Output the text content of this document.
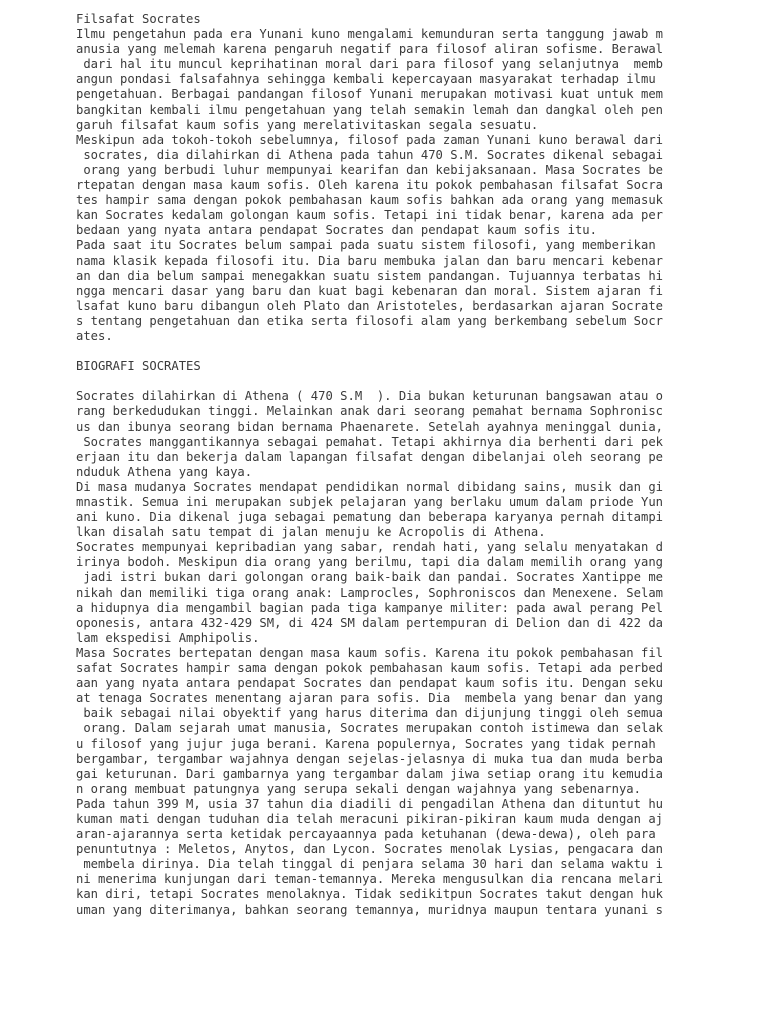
Filsafat Socrates
Ilmu pengetahun pada era Yunani kuno mengalami kemunduran serta tanggung jawab m
anusia yang melemah karena pengaruh negatif para filosof aliran sofisme. Berawal
dari hal itu muncul keprihatinan moral dari para filosof yang selanjutnya  memb
angun pondasi falsafahnya sehingga kembali kepercayaan masyarakat terhadap ilmu
pengetahuan. Berbagai pandangan filosof Yunani merupakan motivasi kuat untuk mem
bangkitan kembali ilmu pengetahuan yang telah semakin lemah dan dangkal oleh pen
garuh filsafat kaum sofis yang merelativitaskan segala sesuatu.
Meskipun ada tokoh-tokoh sebelumnya, filosof pada zaman Yunani kuno berawal dari
socrates, dia dilahirkan di Athena pada tahun 470 S.M. Socrates dikenal sebagai
orang yang berbudi luhur mempunyai kearifan dan kebijaksanaan. Masa Socrates be
rtepatan dengan masa kaum sofis. Oleh karena itu pokok pembahasan filsafat Socra
tes hampir sama dengan pokok pembahasan kaum sofis bahkan ada orang yang memasuk
kan Socrates kedalam golongan kaum sofis. Tetapi ini tidak benar, karena ada per
bedaan yang nyata antara pendapat Socrates dan pendapat kaum sofis itu.
Pada saat itu Socrates belum sampai pada suatu sistem filosofi, yang memberikan
nama klasik kepada filosofi itu. Dia baru membuka jalan dan baru mencari kebenar
an dan dia belum sampai menegakkan suatu sistem pandangan. Tujuannya terbatas hi
ngga mencari dasar yang baru dan kuat bagi kebenaran dan moral. Sistem ajaran fi
lsafat kuno baru dibangun oleh Plato dan Aristoteles, berdasarkan ajaran Socrate
s tentang pengetahuan dan etika serta filosofi alam yang berkembang sebelum Socr
ates.
BIOGRAFI SOCRATES
Socrates dilahirkan di Athena ( 470 S.M  ). Dia bukan keturunan bangsawan atau o
rang berkedudukan tinggi. Melainkan anak dari seorang pemahat bernama Sophronisc
us dan ibunya seorang bidan bernama Phaenarete. Setelah ayahnya meninggal dunia,
Socrates manggantikannya sebagai pemahat. Tetapi akhirnya dia berhenti dari pek
erjaan itu dan bekerja dalam lapangan filsafat dengan dibelanjai oleh seorang pe
nduduk Athena yang kaya.
Di masa mudanya Socrates mendapat pendidikan normal dibidang sains, musik dan gi
mnastik. Semua ini merupakan subjek pelajaran yang berlaku umum dalam priode Yun
ani kuno. Dia dikenal juga sebagai pematung dan beberapa karyanya pernah ditampi
lkan disalah satu tempat di jalan menuju ke Acropolis di Athena.
Socrates mempunyai kepribadian yang sabar, rendah hati, yang selalu menyatakan d
irinya bodoh. Meskipun dia orang yang berilmu, tapi dia dalam memilih orang yang
jadi istri bukan dari golongan orang baik-baik dan pandai. Socrates Xantippe me
nikah dan memiliki tiga orang anak: Lamprocles, Sophroniscos dan Menexene. Selam
a hidupnya dia mengambil bagian pada tiga kampanye militer: pada awal perang Pel
oponesis, antara 432-429 SM, di 424 SM dalam pertempuran di Delion dan di 422 da
lam ekspedisi Amphipolis.
Masa Socrates bertepatan dengan masa kaum sofis. Karena itu pokok pembahasan fil
safat Socrates hampir sama dengan pokok pembahasan kaum sofis. Tetapi ada perbed
aan yang nyata antara pendapat Socrates dan pendapat kaum sofis itu. Dengan seku
at tenaga Socrates menentang ajaran para sofis. Dia  membela yang benar dan yang
baik sebagai nilai obyektif yang harus diterima dan dijunjung tinggi oleh semua
orang. Dalam sejarah umat manusia, Socrates merupakan contoh istimewa dan selak
u filosof yang jujur juga berani. Karena populernya, Socrates yang tidak pernah
bergambar, tergambar wajahnya dengan sejelas-jelasnya di muka tua dan muda berba
gai keturunan. Dari gambarnya yang tergambar dalam jiwa setiap orang itu kemudia
n orang membuat patungnya yang serupa sekali dengan wajahnya yang sebenarnya.
Pada tahun 399 M, usia 37 tahun dia diadili di pengadilan Athena dan dituntut hu
kuman mati dengan tuduhan dia telah meracuni pikiran-pikiran kaum muda dengan aj
aran-ajarannya serta ketidak percayaannya pada ketuhanan (dewa-dewa), oleh para
penuntutnya : Meletos, Anytos, dan Lycon. Socrates menolak Lysias, pengacara dan
membela dirinya. Dia telah tinggal di penjara selama 30 hari dan selama waktu i
ni menerima kunjungan dari teman-temannya. Mereka mengusulkan dia rencana melari
kan diri, tetapi Socrates menolaknya. Tidak sedikitpun Socrates takut dengan huk
uman yang diterimanya, bahkan seorang temannya, muridnya maupun tentara yunani s
